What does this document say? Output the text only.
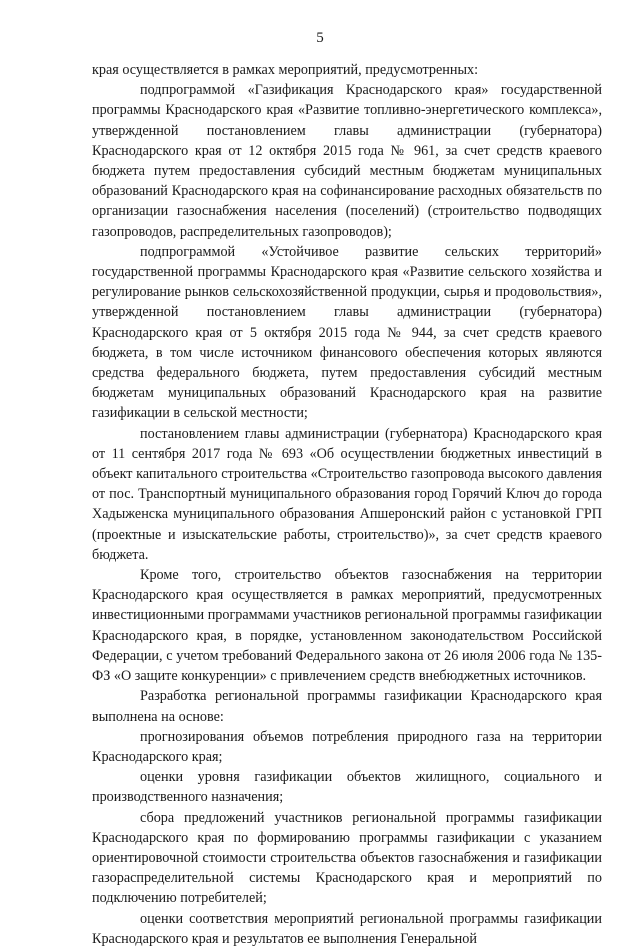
5

края осуществляется в рамках мероприятий, предусмотренных:

подпрограммой «Газификация Краснодарского края» государственной программы Краснодарского края «Развитие топливно-энергетического комплекса», утвержденной постановлением главы администрации (губернатора) Краснодарского края от 12 октября 2015 года № 961, за счет средств краевого бюджета путем предоставления субсидий местным бюджетам муниципальных образований Краснодарского края на софинансирование расходных обязательств по организации газоснабжения населения (поселений) (строительство подводящих газопроводов, распределительных газопроводов);

подпрограммой «Устойчивое развитие сельских территорий» государственной программы Краснодарского края «Развитие сельского хозяйства и регулирование рынков сельскохозяйственной продукции, сырья и продовольствия», утвержденной постановлением главы администрации (губернатора) Краснодарского края от 5 октября 2015 года № 944, за счет средств краевого бюджета, в том числе источником финансового обеспечения которых являются средства федерального бюджета, путем предоставления субсидий местным бюджетам муниципальных образований Краснодарского края на развитие газификации в сельской местности;

постановлением главы администрации (губернатора) Краснодарского края от 11 сентября 2017 года № 693 «Об осуществлении бюджетных инвестиций в объект капитального строительства «Строительство газопровода высокого давления от пос. Транспортный муниципального образования город Горячий Ключ до города Хадыженска муниципального образования Апшеронский район с установкой ГРП (проектные и изыскательские работы, строительство)», за счет средств краевого бюджета.

Кроме того, строительство объектов газоснабжения на территории Краснодарского края осуществляется в рамках мероприятий, предусмотренных инвестиционными программами участников региональной программы газификации Краснодарского края, в порядке, установленном законодательством Российской Федерации, с учетом требований Федерального закона от 26 июля 2006 года № 135-ФЗ «О защите конкуренции» с привлечением средств внебюджетных источников.

Разработка региональной программы газификации Краснодарского края выполнена на основе:

прогнозирования объемов потребления природного газа на территории Краснодарского края;

оценки уровня газификации объектов жилищного, социального и производственного назначения;

сбора предложений участников региональной программы газификации Краснодарского края по формированию программы газификации с указанием ориентировочной стоимости строительства объектов газоснабжения и газификации газораспределительной системы Краснодарского края и мероприятий по подключению потребителей;

оценки соответствия мероприятий региональной программы газификации Краснодарского края и результатов ее выполнения Генеральной
